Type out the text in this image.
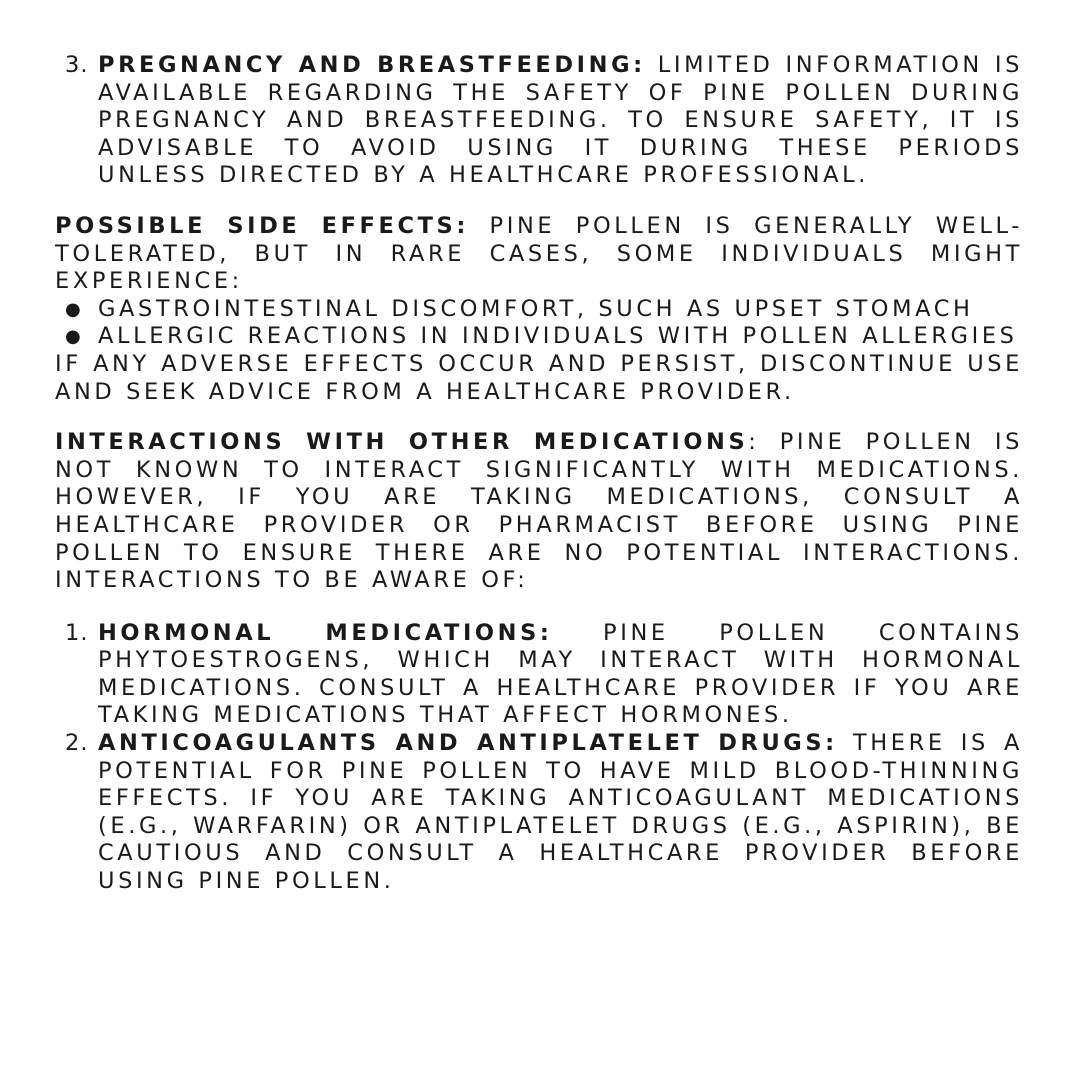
3. PREGNANCY AND BREASTFEEDING: LIMITED INFORMATION IS AVAILABLE REGARDING THE SAFETY OF PINE POLLEN DURING PREGNANCY AND BREASTFEEDING. TO ENSURE SAFETY, IT IS ADVISABLE TO AVOID USING IT DURING THESE PERIODS UNLESS DIRECTED BY A HEALTHCARE PROFESSIONAL.

POSSIBLE SIDE EFFECTS: PINE POLLEN IS GENERALLY WELL-TOLERATED, BUT IN RARE CASES, SOME INDIVIDUALS MIGHT EXPERIENCE:

● GASTROINTESTINAL DISCOMFORT, SUCH AS UPSET STOMACH
● ALLERGIC REACTIONS IN INDIVIDUALS WITH POLLEN ALLERGIES

IF ANY ADVERSE EFFECTS OCCUR AND PERSIST, DISCONTINUE USE AND SEEK ADVICE FROM A HEALTHCARE PROVIDER.

INTERACTIONS WITH OTHER MEDICATIONS: PINE POLLEN IS NOT KNOWN TO INTERACT SIGNIFICANTLY WITH MEDICATIONS. HOWEVER, IF YOU ARE TAKING MEDICATIONS, CONSULT A HEALTHCARE PROVIDER OR PHARMACIST BEFORE USING PINE POLLEN TO ENSURE THERE ARE NO POTENTIAL INTERACTIONS. INTERACTIONS TO BE AWARE OF:

1. HORMONAL MEDICATIONS: PINE POLLEN CONTAINS PHYTOESTROGENS, WHICH MAY INTERACT WITH HORMONAL MEDICATIONS. CONSULT A HEALTHCARE PROVIDER IF YOU ARE TAKING MEDICATIONS THAT AFFECT HORMONES.
2. ANTICOAGULANTS AND ANTIPLATELET DRUGS: THERE IS A POTENTIAL FOR PINE POLLEN TO HAVE MILD BLOOD-THINNING EFFECTS. IF YOU ARE TAKING ANTICOAGULANT MEDICATIONS (E.G., WARFARIN) OR ANTIPLATELET DRUGS (E.G., ASPIRIN), BE CAUTIOUS AND CONSULT A HEALTHCARE PROVIDER BEFORE USING PINE POLLEN.
